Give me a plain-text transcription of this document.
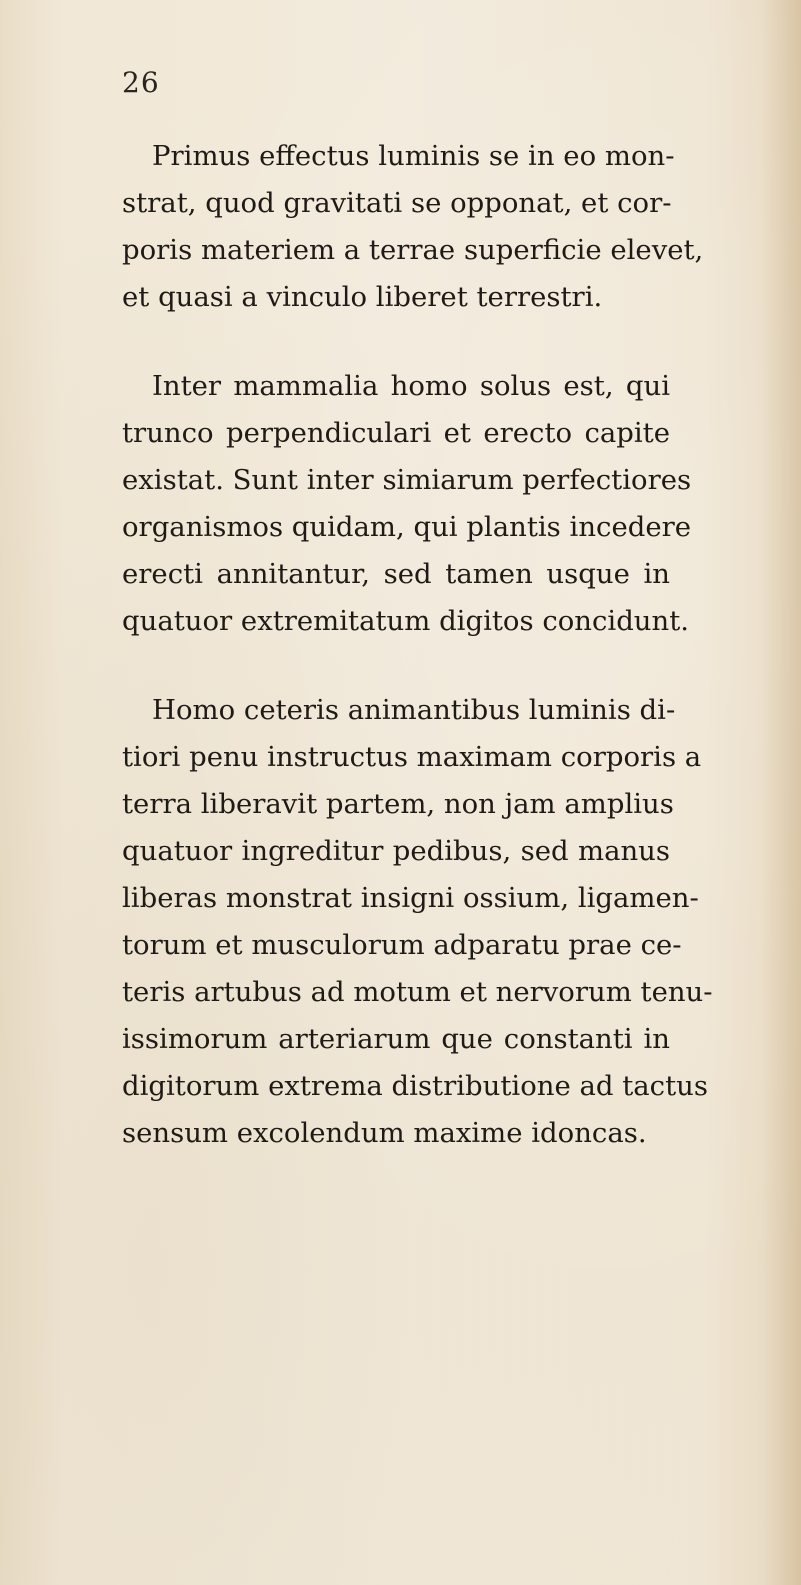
26

Primus effectus luminis se in eo mon-
strat, quod gravitati se opponat, et cor-
poris materiem a terrae superficie elevet,
et quasi a vinculo liberet terrestri.

Inter mammalia homo solus est, qui
trunco perpendiculari et erecto capite
existat. Sunt inter simiarum perfectiores
organismos quidam, qui plantis incedere
erecti annitantur, sed tamen usque in
quatuor extremitatum digitos concidunt.

Homo ceteris animantibus luminis di-
tiori penu instructus maximam corporis a
terra liberavit partem, non jam amplius
quatuor ingreditur pedibus, sed manus
liberas monstrat insigni ossium, ligamen-
torum et musculorum adparatu prae ce-
teris artubus ad motum et nervorum tenu-
issimorum arteriarum que constanti in
digitorum extrema distributione ad tactus
sensum excolendum maxime idoncas.
